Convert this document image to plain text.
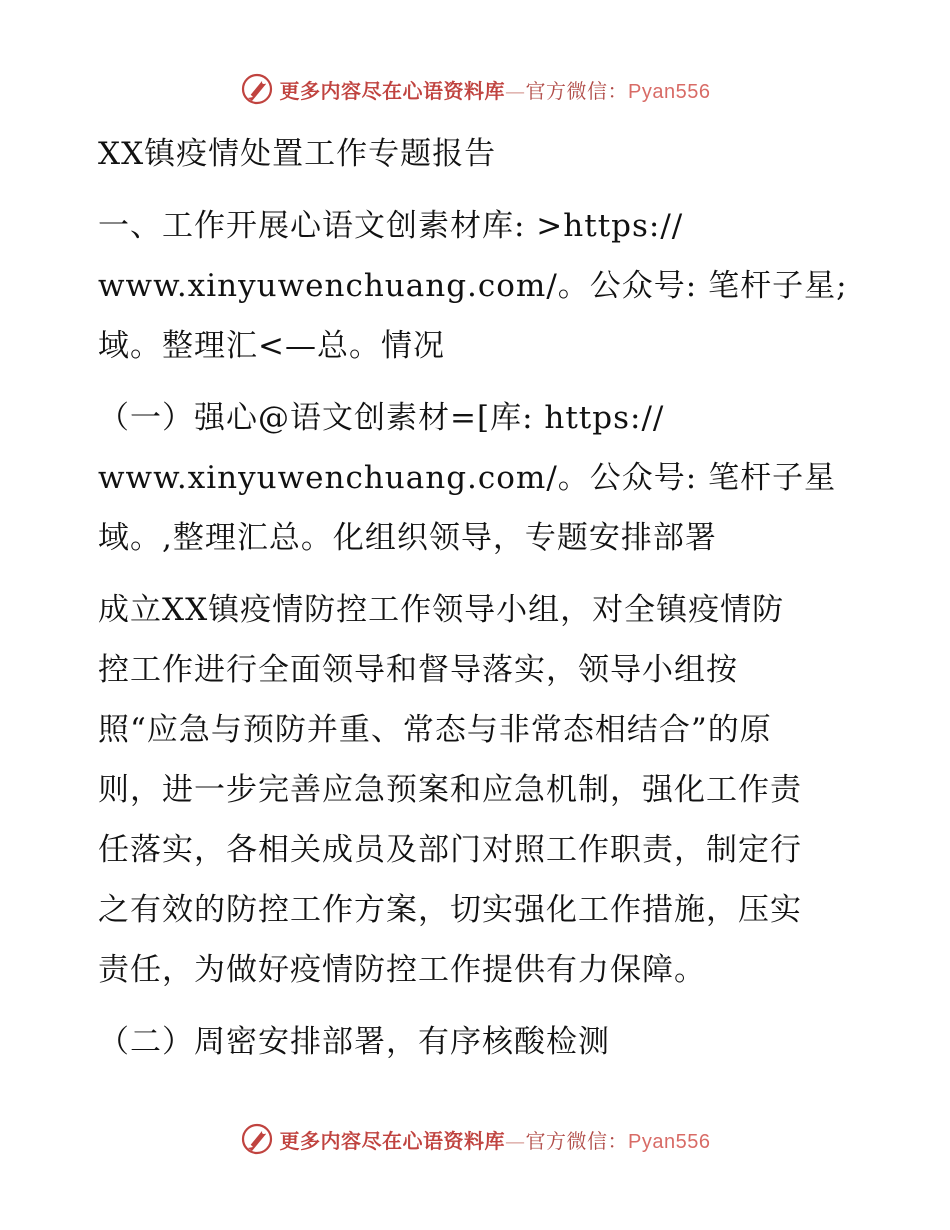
更多内容尽在心语资料库—官方微信：Pyan556
XX镇疫情处置工作专题报告
一、工作开展心语文创素材库: >https://
www.xinyuwenchuang.com/。公众号: 笔杆子星;
域。整理汇<—总。情况
（一）强心@语文创素材=[库: https://
www.xinyuwenchuang.com/。公众号: 笔杆子星
域。,整理汇总。化组织领导，专题安排部署
成立XX镇疫情防控工作领导小组，对全镇疫情防
控工作进行全面领导和督导落实，领导小组按
照“应急与预防并重、常态与非常态相结合”的原
则，进一步完善应急预案和应急机制，强化工作责
任落实，各相关成员及部门对照工作职责，制定行
之有效的防控工作方案，切实强化工作措施，压实
责任，为做好疫情防控工作提供有力保障。
（二）周密安排部署，有序核酸检测
更多内容尽在心语资料库—官方微信：Pyan556
